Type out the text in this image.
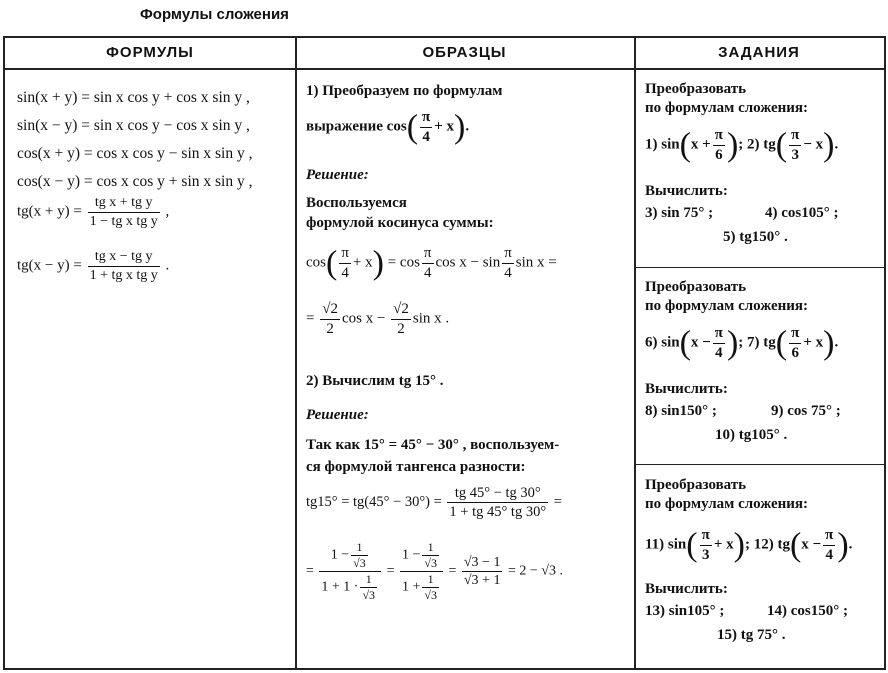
Формулы сложения
ФОРМУЛЫ	ОБРАЗЦЫ	ЗАДАНИЯ
sin(x + y) = sin x cos y + cos x sin y ,
sin(x − y) = sin x cos y − cos x sin y ,
cos(x + y) = cos x cos y − sin x sin y ,
cos(x − y) = cos x cos y + sin x sin y ,
$tg(x + y) = \frac{\text{tg x + tg y}}{\text{1 − tg x tg y}}$ ,
$tg(x - y) = \frac{\text{tg x − tg y}}{\text{1 + tg x tg y}}$ .
1) Преобразуем по формулам
выражение $\cos( \frac{\pi}{4} + x)$.
Решение:
Воспользуемся
формулой косинуса суммы:
$\cos( \frac{\pi}{4} + x) = \cos \frac{\pi}{4}$ $\cos x - \sin \frac{\pi}{4}$ sin x =
= $\frac{√2}{2}$ $\cos x - \frac{√2}{2}$ sin x .
2) Вычислим tg 15° .
Решение:
Так как 15° = 45° − 30° , воспользуем-
ся формулой тангенса разности:
$tg15^\circ = tg(45^\circ - 30^\circ) = \frac{tg 45^\circ - tg 30^\circ}{1 + tg 45^\circ tg 30^\circ}$ =
= $\frac{1 - \frac{1}{√3}}{1 + 1 \cdot \frac{1}{√3}} = \frac{1 - \frac{1}{√3}}{1 + \frac{1}{√3}} = \frac{√3 - 1}{√3 + 1} = 2 - √3$ .
Преобразовать
по формулам сложения:
1) $\sin(x + \frac{\pi}{6}$ ); 2) $tg( \frac{\pi}{3} - x)$.
Вычислить:
3) sin 75° ;	4) cos105° ;
5) tg150° .
Преобразовать
по формулам сложения:
6) $\sin(x - \frac{\pi}{4}$ ); 7) $tg( \frac{\pi}{6} + x)$.
Вычислить:
8) sin150° ;	9) cos 75° ;
10) tg105° .
Преобразовать
по формулам сложения:
11) $\sin( \frac{\pi}{3} + x)$; 12) $tg(x - \frac{\pi}{4}$ ).
Вычислить:
13) sin105° ;	14) cos150° ;
15) tg 75° .
